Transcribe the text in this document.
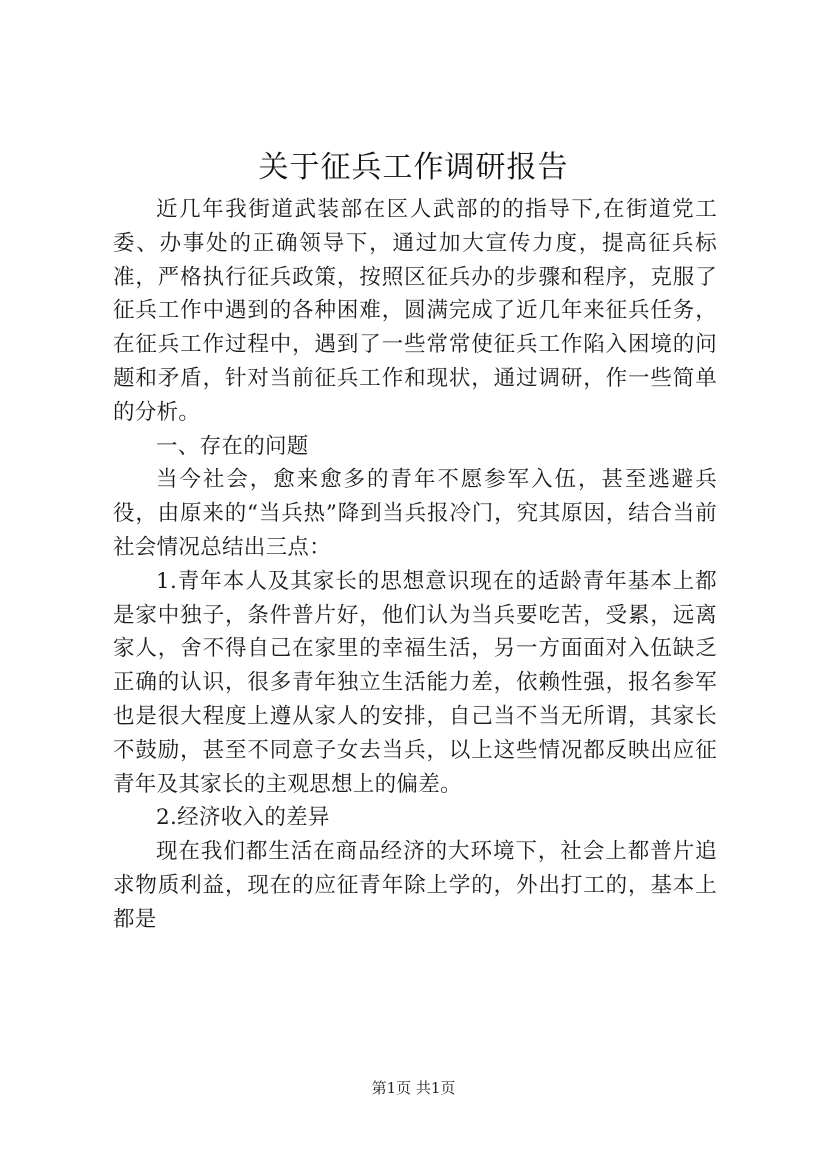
关于征兵工作调研报告

近几年我街道武装部在区人武部的的指导下,在街道党工委、办事处的正确领导下，通过加大宣传力度，提高征兵标准，严格执行征兵政策，按照区征兵办的步骤和程序，克服了征兵工作中遇到的各种困难，圆满完成了近几年来征兵任务，在征兵工作过程中，遇到了一些常常使征兵工作陷入困境的问题和矛盾，针对当前征兵工作和现状，通过调研，作一些简单的分析。

一、存在的问题

当今社会，愈来愈多的青年不愿参军入伍，甚至逃避兵役，由原来的“当兵热”降到当兵报冷门，究其原因，结合当前社会情况总结出三点：

1.青年本人及其家长的思想意识现在的适龄青年基本上都是家中独子，条件普片好，他们认为当兵要吃苦，受累，远离家人，舍不得自己在家里的幸福生活，另一方面面对入伍缺乏正确的认识，很多青年独立生活能力差，依赖性强，报名参军也是很大程度上遵从家人的安排，自己当不当无所谓，其家长不鼓励，甚至不同意子女去当兵，以上这些情况都反映出应征青年及其家长的主观思想上的偏差。

2.经济收入的差异

现在我们都生活在商品经济的大环境下，社会上都普片追求物质利益，现在的应征青年除上学的，外出打工的，基本上都是

第1页 共1页
